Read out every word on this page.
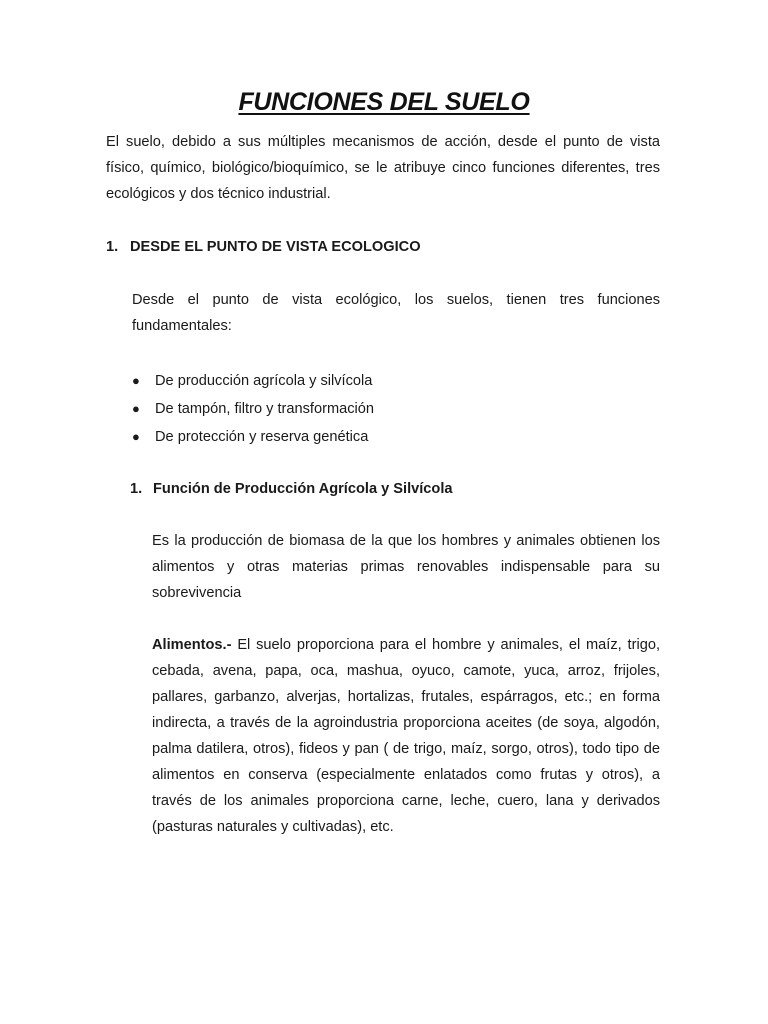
FUNCIONES DEL SUELO

El suelo, debido a sus múltiples mecanismos de acción, desde el punto de vista físico, químico, biológico/bioquímico, se le atribuye cinco funciones diferentes, tres ecológicos y dos técnico industrial.

1. DESDE EL PUNTO DE VISTA ECOLOGICO

Desde el punto de vista ecológico, los suelos, tienen tres funciones fundamentales:

●	De producción agrícola y silvícola
●	De tampón, filtro y transformación
●	De protección y reserva genética
1. Función de Producción Agrícola y Silvícola

Es la producción de biomasa de la que los hombres y animales obtienen los alimentos y otras materias primas renovables indispensable para su sobrevivencia

Alimentos.- El suelo proporciona para el hombre y animales, el maíz, trigo, cebada, avena, papa, oca, mashua, oyuco, camote, yuca, arroz, frijoles, pallares, garbanzo, alverjas, hortalizas, frutales, espárragos, etc.; en forma indirecta, a través de la agroindustria proporciona aceites (de soya, algodón, palma datilera, otros), fideos y pan ( de trigo, maíz, sorgo, otros), todo tipo de alimentos en conserva (especialmente enlatados como frutas y otros), a través de los animales proporciona carne, leche, cuero, lana y derivados (pasturas naturales y cultivadas), etc.
